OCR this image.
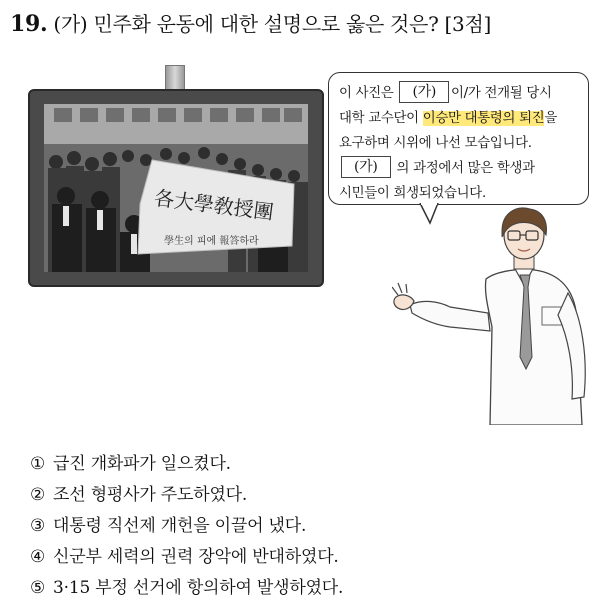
19. (가) 민주화 운동에 대한 설명으로 옳은 것은? [3점]
各大學敎授團
學生의 피에 報答하라
이 사진은 (가) 이/가 전개될 당시
대학 교수단이 이승만 대통령의 퇴진을
요구하며 시위에 나선 모습입니다.
(가) 의 과정에서 많은 학생과
시민들이 희생되었습니다.
① 급진 개화파가 일으켰다.
② 조선 형평사가 주도하였다.
③ 대통령 직선제 개헌을 이끌어 냈다.
④ 신군부 세력의 권력 장악에 반대하였다.
⑤ 3·15 부정 선거에 항의하여 발생하였다.
